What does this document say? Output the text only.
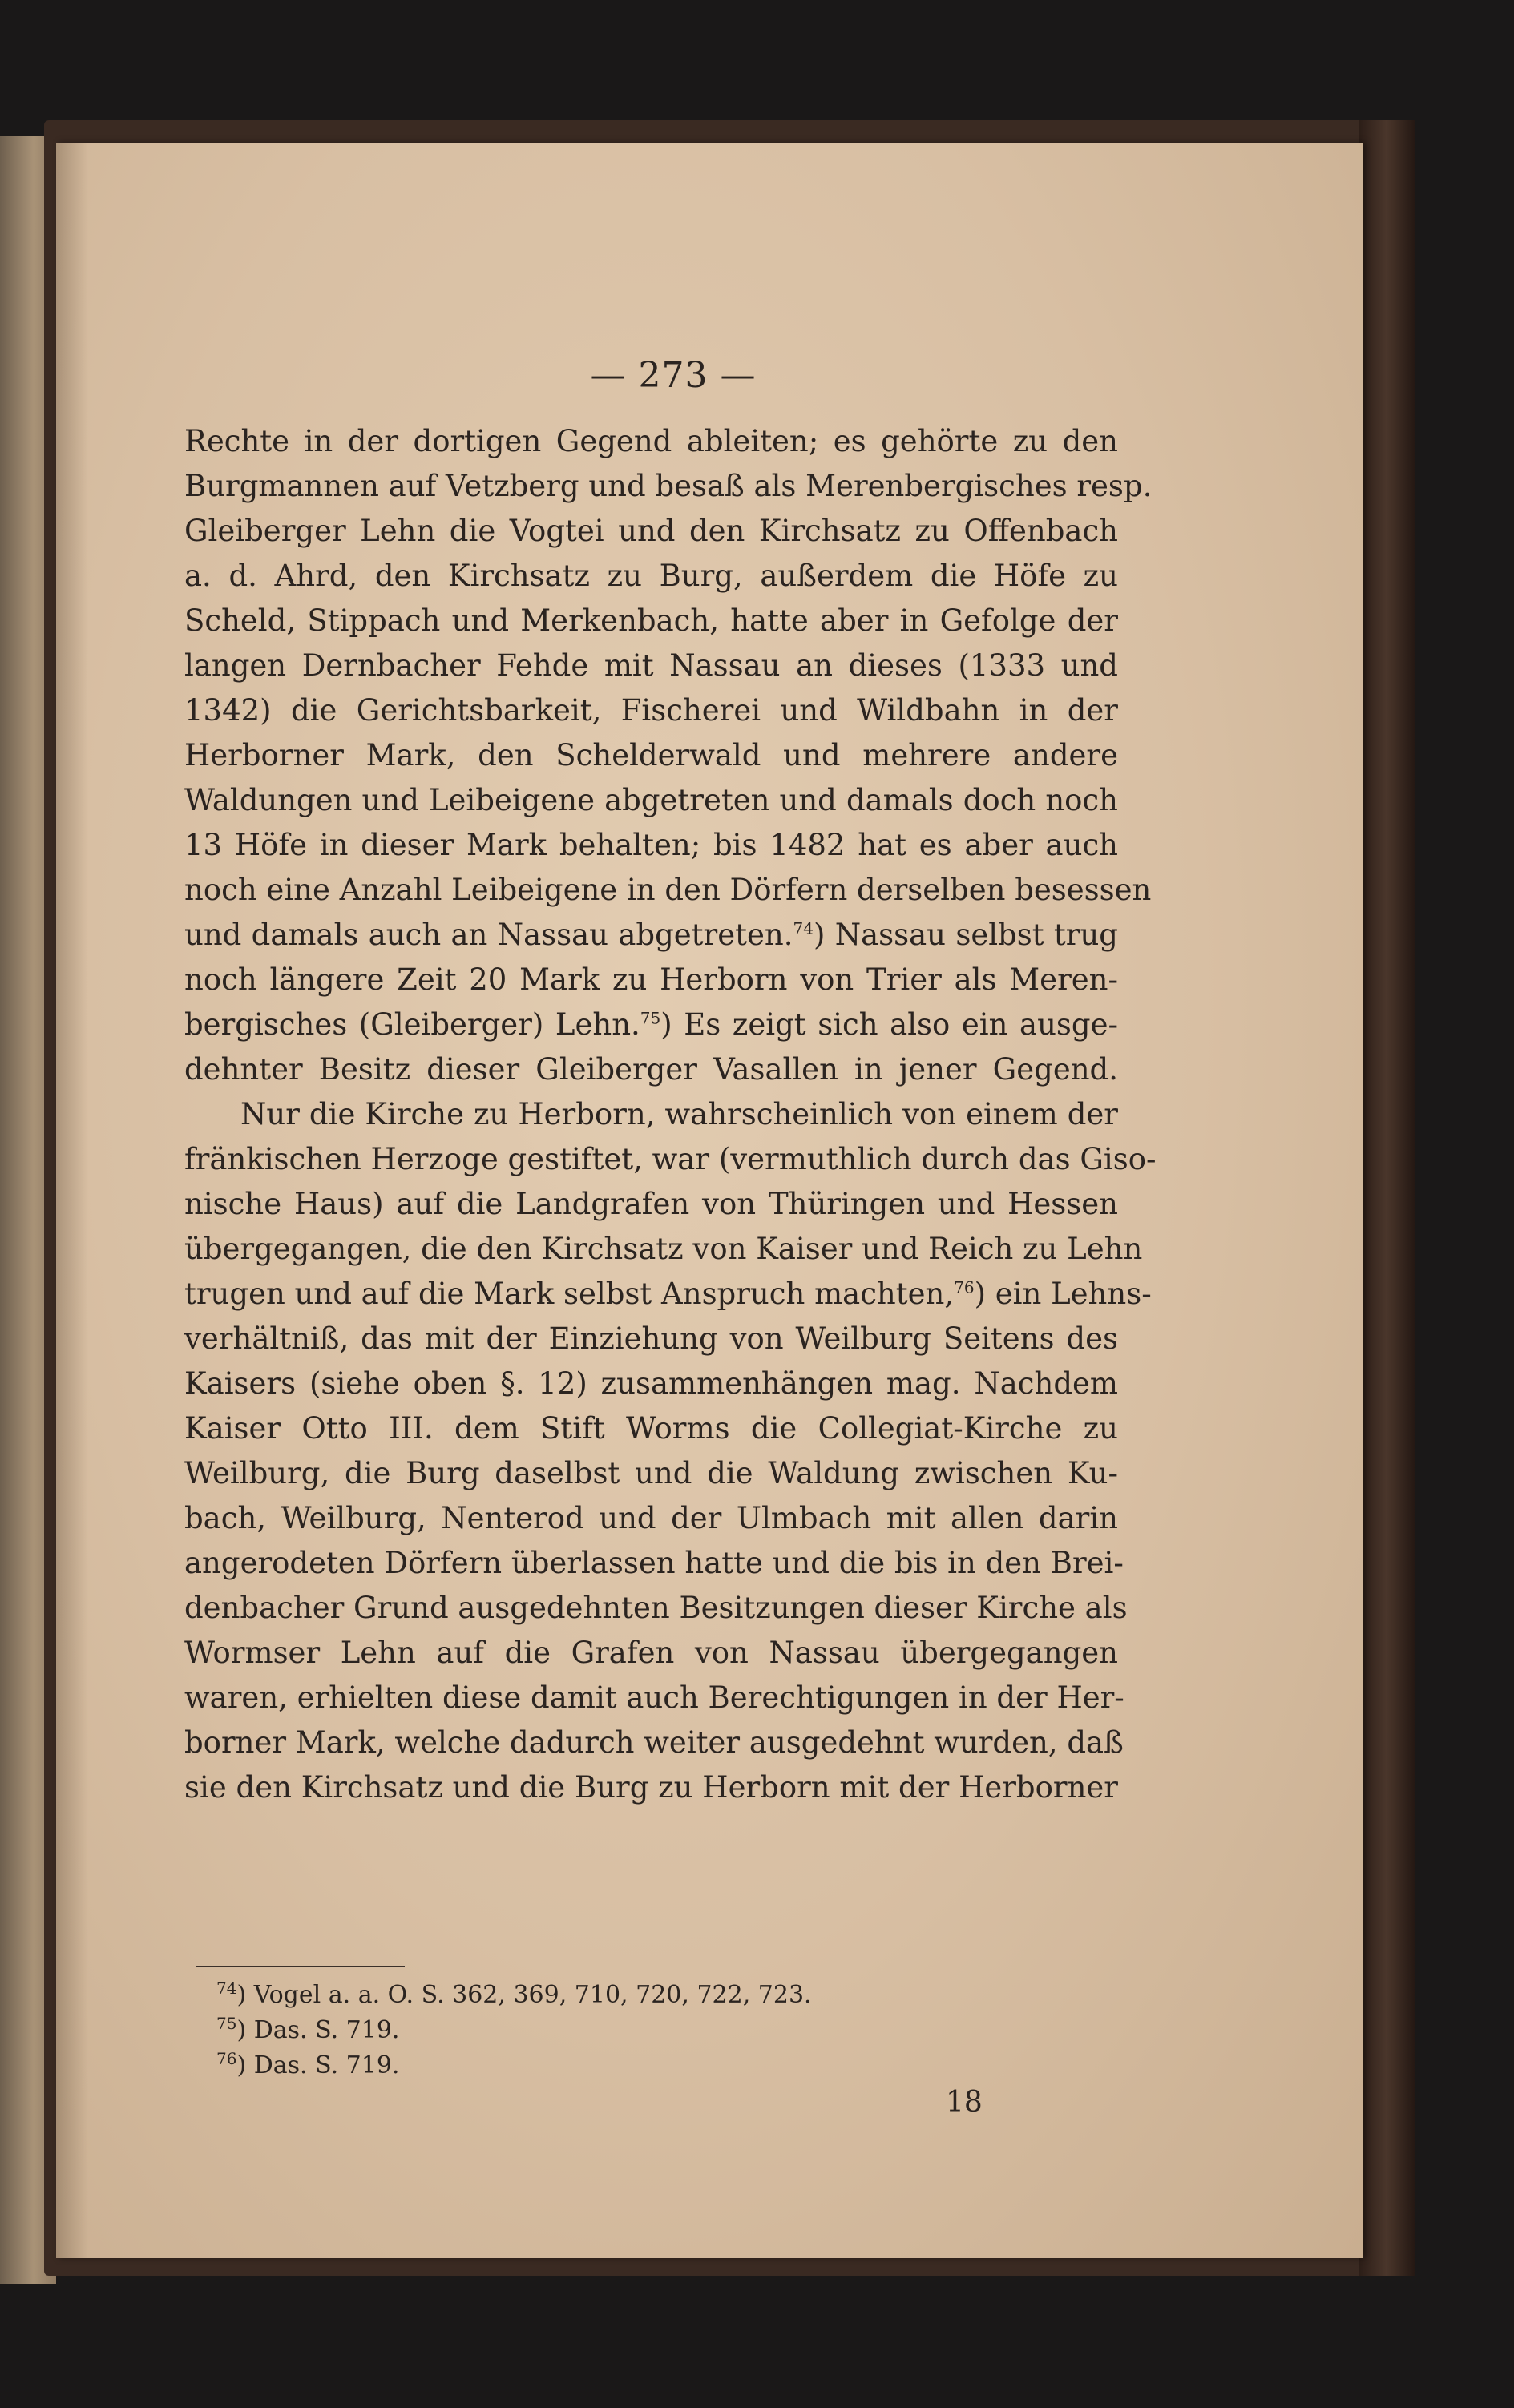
— 273 —
Rechte in der dortigen Gegend ableiten; es gehörte zu den
Burgmannen auf Vetzberg und besaß als Merenbergisches resp.
Gleiberger Lehn die Vogtei und den Kirchsatz zu Offenbach
a. d. Ahrd, den Kirchsatz zu Burg, außerdem die Höfe zu
Scheld, Stippach und Merkenbach, hatte aber in Gefolge der
langen Dernbacher Fehde mit Nassau an dieses (1333 und
1342) die Gerichtsbarkeit, Fischerei und Wildbahn in der
Herborner Mark, den Schelderwald und mehrere andere
Waldungen und Leibeigene abgetreten und damals doch noch
13 Höfe in dieser Mark behalten; bis 1482 hat es aber auch
noch eine Anzahl Leibeigene in den Dörfern derselben besessen
und damals auch an Nassau abgetreten.$^{74}$) Nassau selbst trug
noch längere Zeit 20 Mark zu Herborn von Trier als Meren-
bergisches (Gleiberger) Lehn.$^{75}$) Es zeigt sich also ein ausge-
dehnter Besitz dieser Gleiberger Vasallen in jener Gegend.
Nur die Kirche zu Herborn, wahrscheinlich von einem der
fränkischen Herzoge gestiftet, war (vermuthlich durch das Giso-
nische Haus) auf die Landgrafen von Thüringen und Hessen
übergegangen, die den Kirchsatz von Kaiser und Reich zu Lehn
trugen und auf die Mark selbst Anspruch machten,$^{76}$) ein Lehns-
verhältniß, das mit der Einziehung von Weilburg Seitens des
Kaisers (siehe oben §. 12) zusammenhängen mag. Nachdem
Kaiser Otto III. dem Stift Worms die Collegiat-Kirche zu
Weilburg, die Burg daselbst und die Waldung zwischen Ku-
bach, Weilburg, Nenterod und der Ulmbach mit allen darin
angerodeten Dörfern überlassen hatte und die bis in den Brei-
denbacher Grund ausgedehnten Besitzungen dieser Kirche als
Wormser Lehn auf die Grafen von Nassau übergegangen
waren, erhielten diese damit auch Berechtigungen in der Her-
borner Mark, welche dadurch weiter ausgedehnt wurden, daß
sie den Kirchsatz und die Burg zu Herborn mit der Herborner
$^{74}$) Vogel a. a. O. S. 362, 369, 710, 720, 722, 723.
$^{75}$) Das. S. 719.
$^{76}$) Das. S. 719.
18
